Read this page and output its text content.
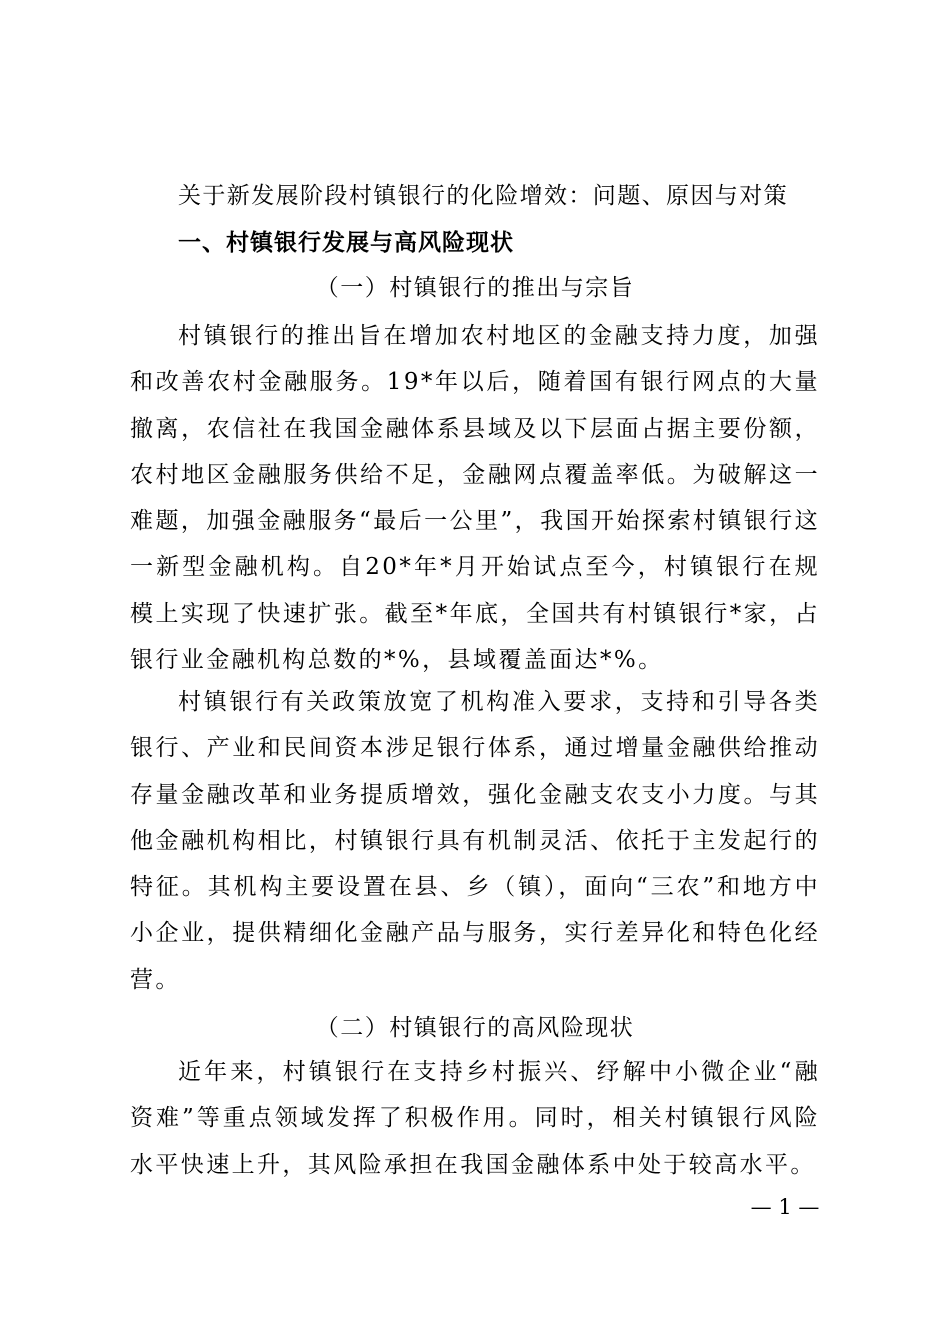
关于新发展阶段村镇银行的化险增效：问题、原因与对策
一、村镇银行发展与高风险现状
（一）村镇银行的推出与宗旨

村镇银行的推出旨在增加农村地区的金融支持力度，加强和改善农村金融服务。19*年以后，随着国有银行网点的大量撤离，农信社在我国金融体系县域及以下层面占据主要份额，农村地区金融服务供给不足，金融网点覆盖率低。为破解这一难题，加强金融服务“最后一公里”，我国开始探索村镇银行这一新型金融机构。自20*年*月开始试点至今，村镇银行在规模上实现了快速扩张。截至*年底，全国共有村镇银行*家，占银行业金融机构总数的*%，县域覆盖面达*%。

村镇银行有关政策放宽了机构准入要求，支持和引导各类银行、产业和民间资本涉足银行体系，通过增量金融供给推动存量金融改革和业务提质增效，强化金融支农支小力度。与其他金融机构相比，村镇银行具有机制灵活、依托于主发起行的特征。其机构主要设置在县、乡（镇），面向“三农”和地方中小企业，提供精细化金融产品与服务，实行差异化和特色化经营。

（二）村镇银行的高风险现状

近年来，村镇银行在支持乡村振兴、纾解中小微企业“融资难”等重点领域发挥了积极作用。同时，相关村镇银行风险水平快速上升，其风险承担在我国金融体系中处于较高水平。

— 1 —
